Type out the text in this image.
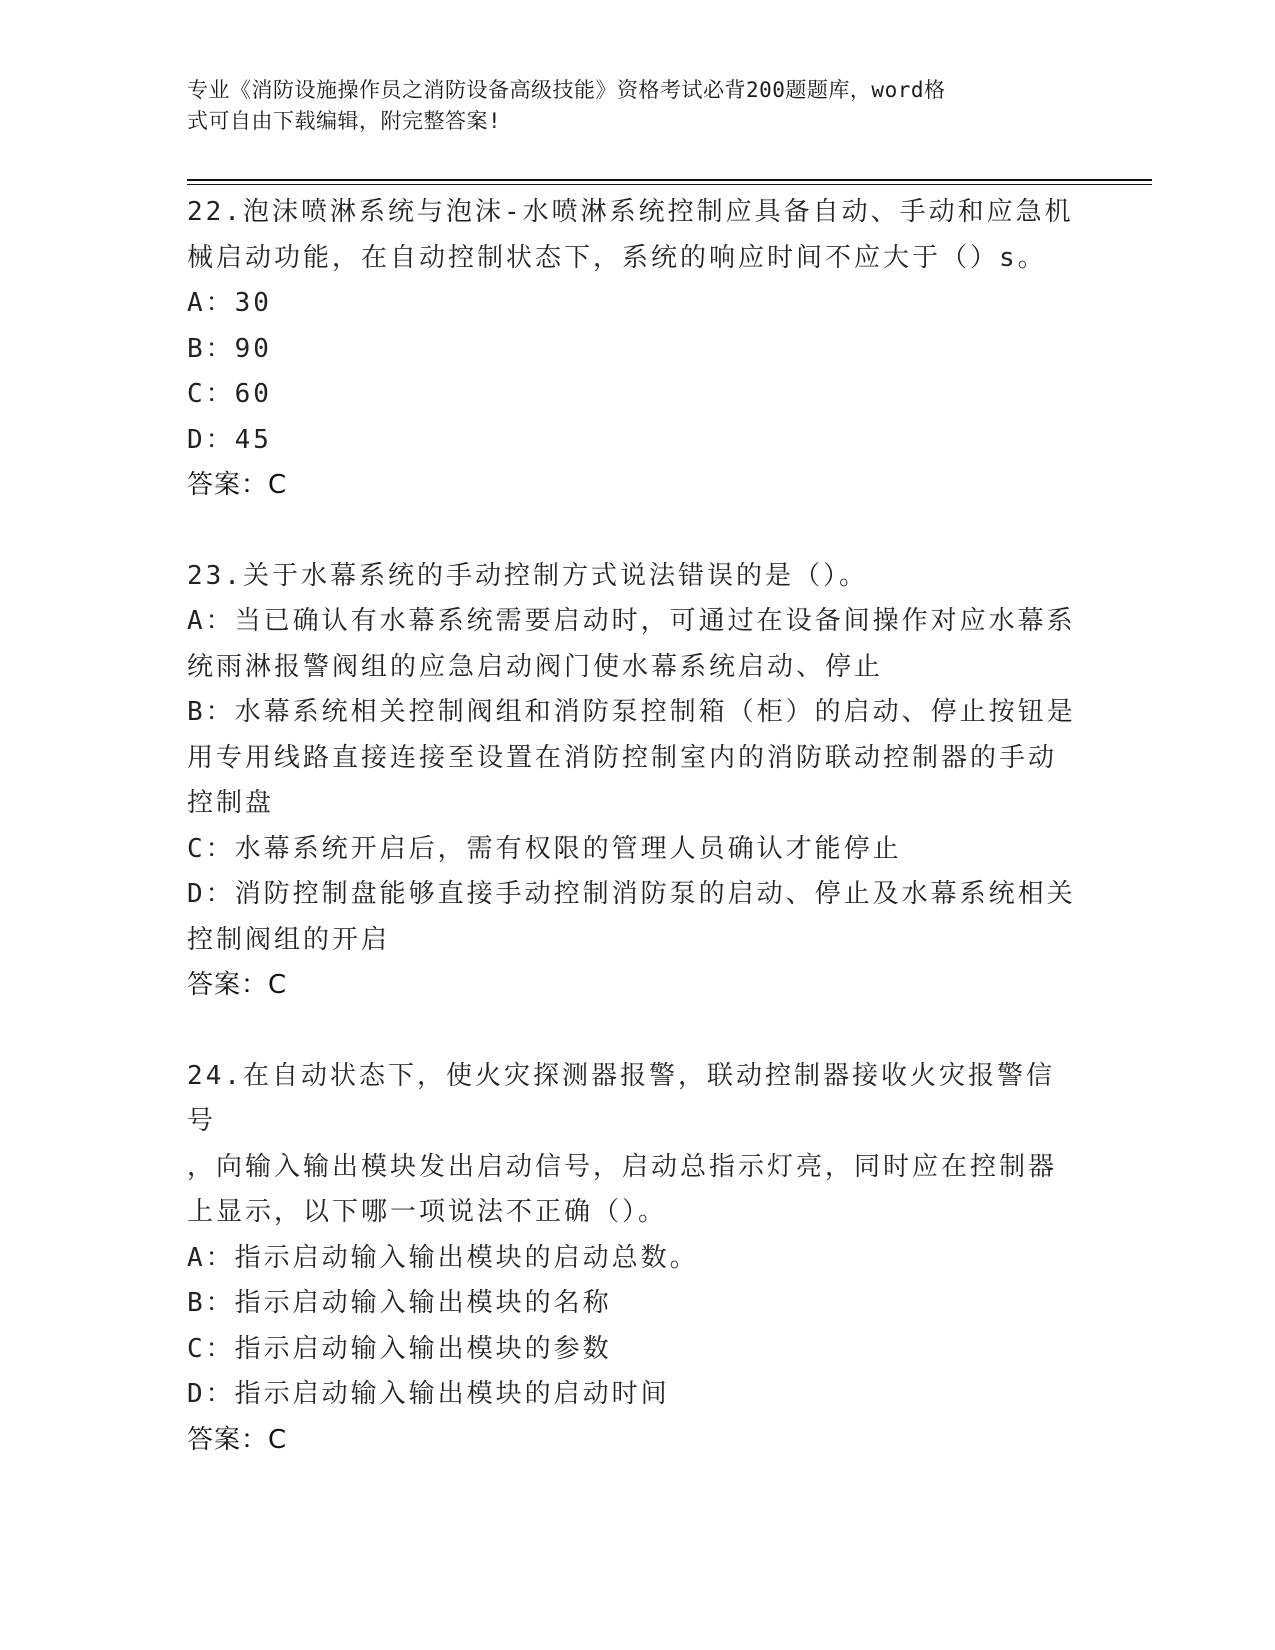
专业《消防设施操作员之消防设备高级技能》资格考试必背200题题库，word格
式可自由下载编辑，附完整答案!
22.泡沫喷淋系统与泡沫-水喷淋系统控制应具备自动、手动和应急机
械启动功能，在自动控制状态下，系统的响应时间不应大于（）s。
A：30
B：90
C：60
D：45
答案：C
23.关于水幕系统的手动控制方式说法错误的是（）。
A：当已确认有水幕系统需要启动时，可通过在设备间操作对应水幕系
统雨淋报警阀组的应急启动阀门使水幕系统启动、停止
B：水幕系统相关控制阀组和消防泵控制箱（柜）的启动、停止按钮是
用专用线路直接连接至设置在消防控制室内的消防联动控制器的手动
控制盘
C：水幕系统开启后，需有权限的管理人员确认才能停止
D：消防控制盘能够直接手动控制消防泵的启动、停止及水幕系统相关
控制阀组的开启
答案：C
24.在自动状态下，使火灾探测器报警，联动控制器接收火灾报警信号
，向输入输出模块发出启动信号，启动总指示灯亮，同时应在控制器
上显示，以下哪一项说法不正确（）。
A：指示启动输入输出模块的启动总数。
B：指示启动输入输出模块的名称
C：指示启动输入输出模块的参数
D：指示启动输入输出模块的启动时间
答案：C
